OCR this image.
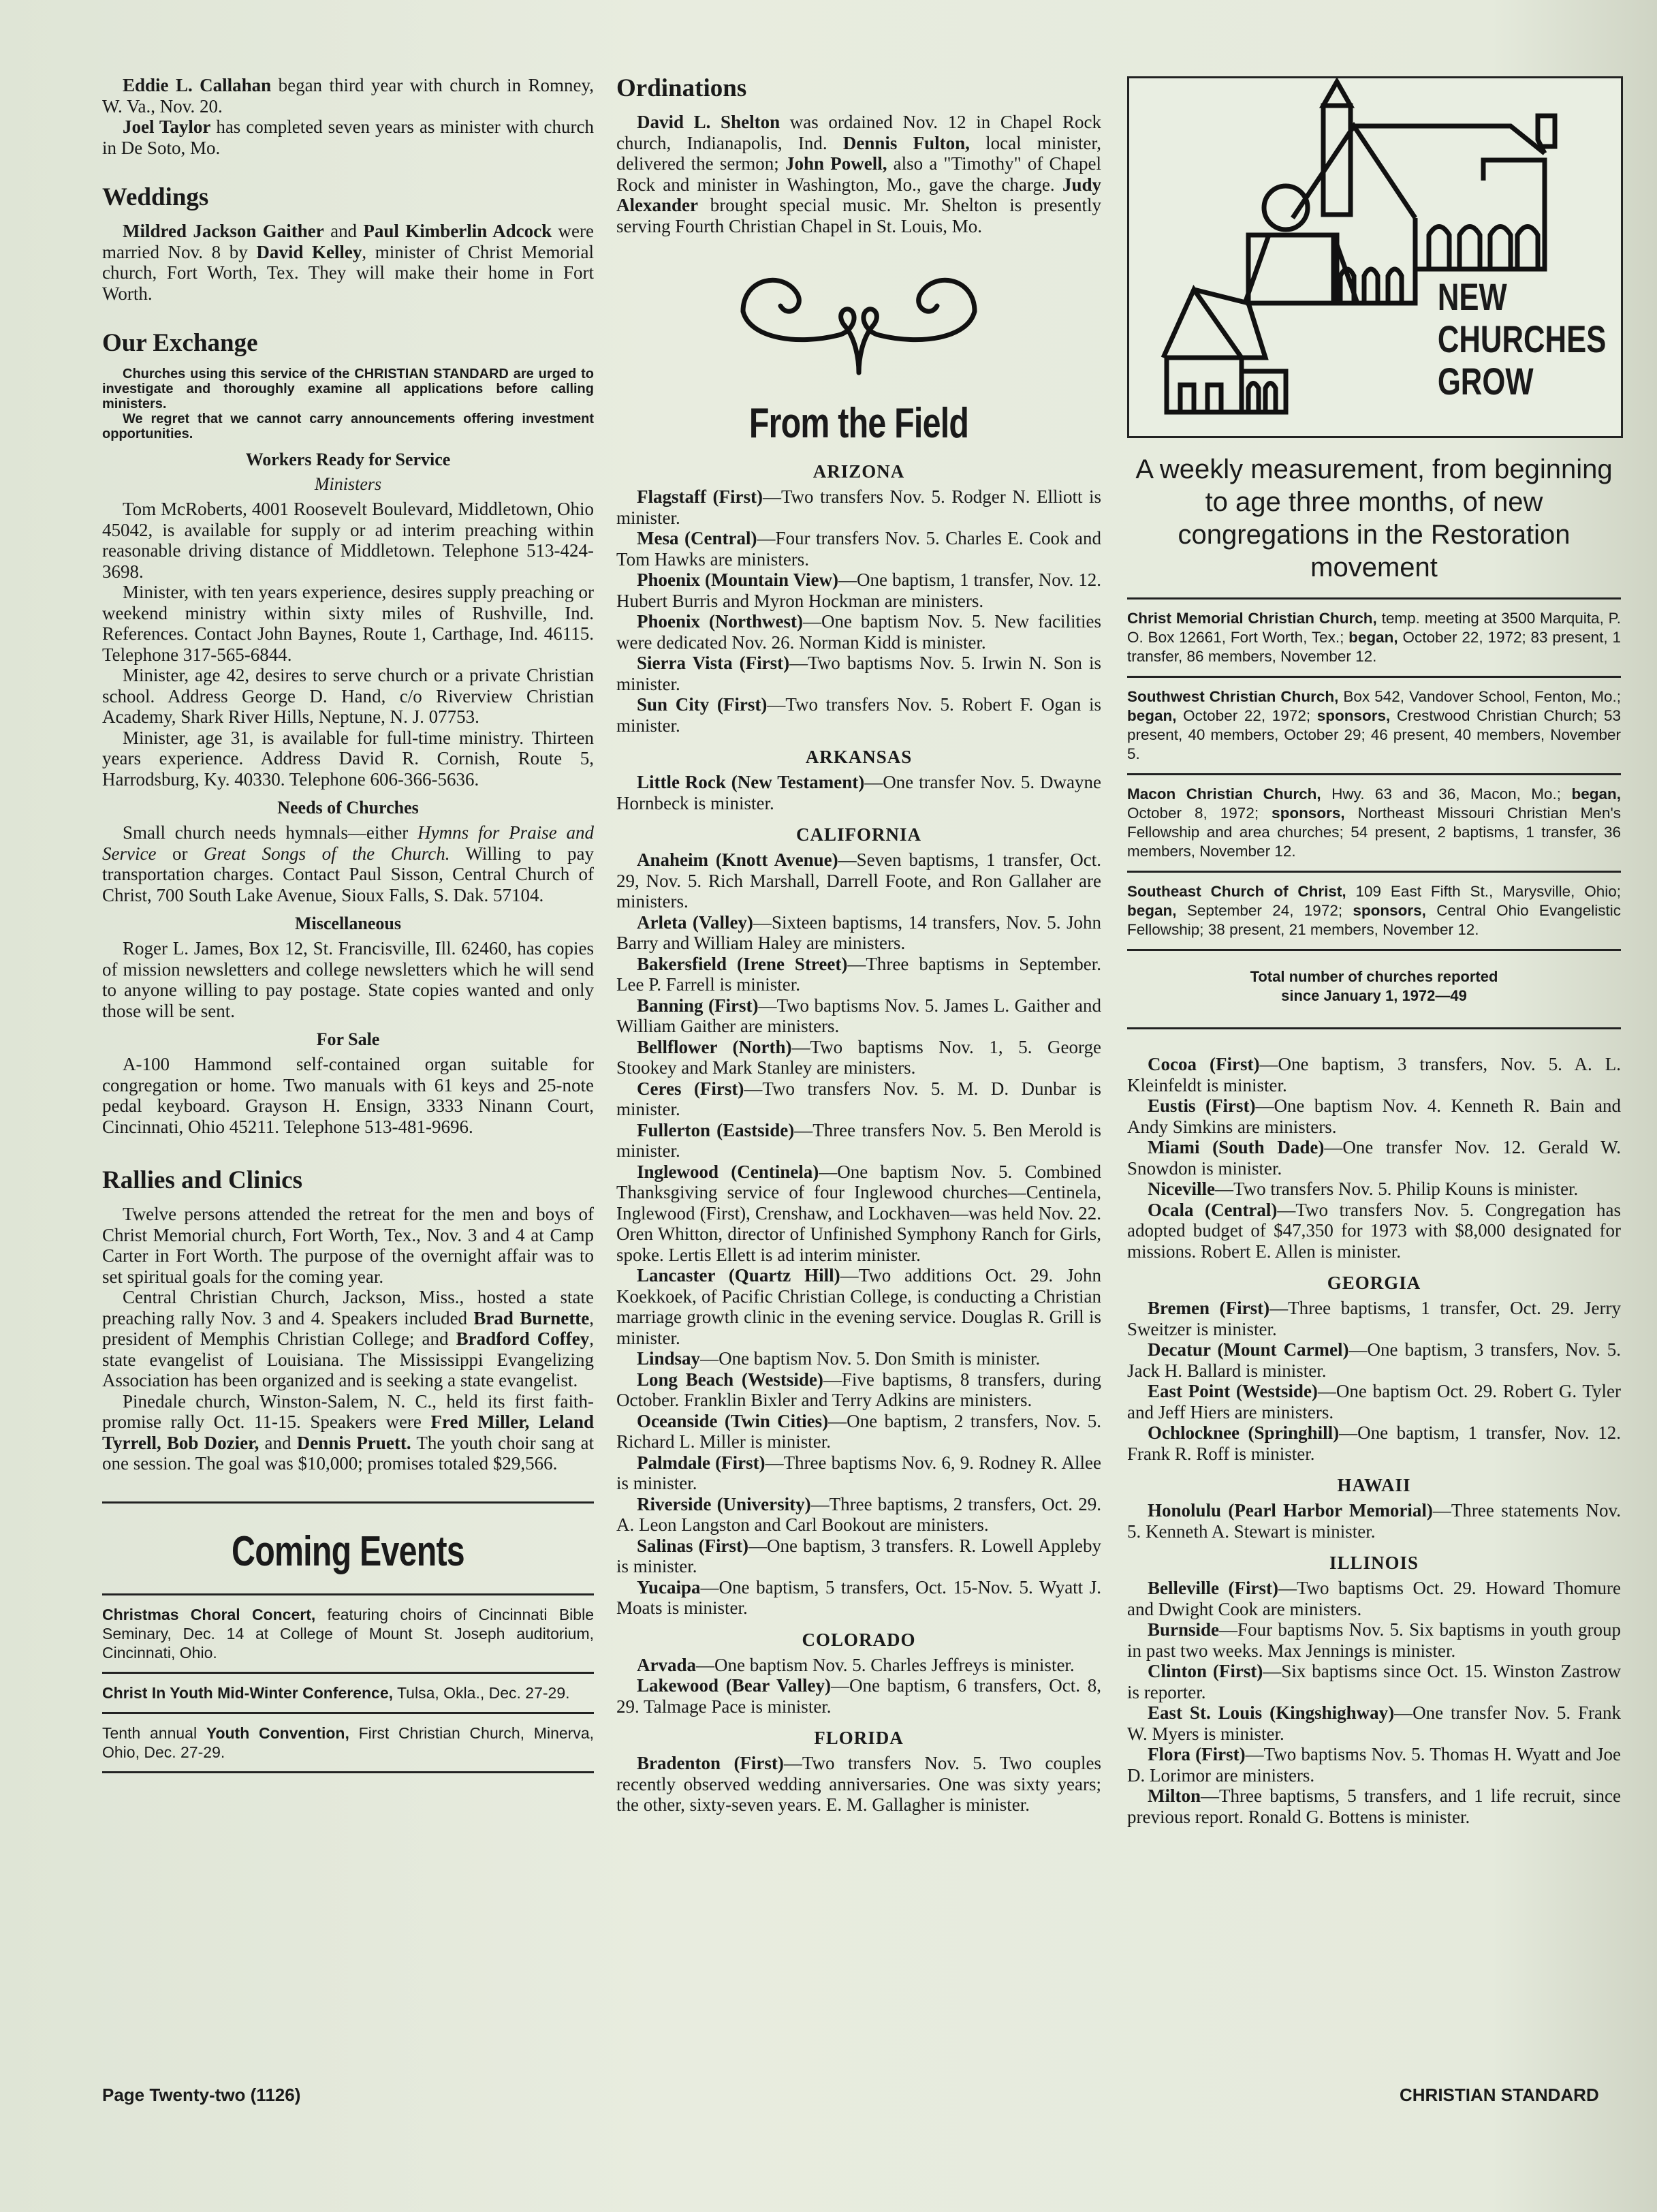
Eddie L. Callahan began third year with church in Romney, W. Va., Nov. 20.

Joel Taylor has completed seven years as minister with church in De Soto, Mo.

Weddings

Mildred Jackson Gaither and Paul Kimberlin Adcock were married Nov. 8 by David Kelley, minister of Christ Memorial church, Fort Worth, Tex. They will make their home in Fort Worth.

Our Exchange

Churches using this service of the CHRISTIAN STANDARD are urged to investigate and thoroughly examine all applications before calling ministers.

We regret that we cannot carry announcements offering investment opportunities.

Workers Ready for Service
Ministers

Tom McRoberts, 4001 Roosevelt Boulevard, Middletown, Ohio 45042, is available for supply or ad interim preaching within reasonable driving distance of Middletown. Telephone 513-424-3698.

Minister, with ten years experience, desires supply preaching or weekend ministry within sixty miles of Rushville, Ind. References. Contact John Baynes, Route 1, Carthage, Ind. 46115. Telephone 317-565-6844.

Minister, age 42, desires to serve church or a private Christian school. Address George D. Hand, c/o Riverview Christian Academy, Shark River Hills, Neptune, N. J. 07753.

Minister, age 31, is available for full-time ministry. Thirteen years experience. Address David R. Cornish, Route 5, Harrodsburg, Ky. 40330. Telephone 606-366-5636.

Needs of Churches

Small church needs hymnals—either Hymns for Praise and Service or Great Songs of the Church. Willing to pay transportation charges. Contact Paul Sisson, Central Church of Christ, 700 South Lake Avenue, Sioux Falls, S. Dak. 57104.

Miscellaneous

Roger L. James, Box 12, St. Francisville, Ill. 62460, has copies of mission newsletters and college newsletters which he will send to anyone willing to pay postage. State copies wanted and only those will be sent.

For Sale

A-100 Hammond self-contained organ suitable for congregation or home. Two manuals with 61 keys and 25-note pedal keyboard. Grayson H. Ensign, 3333 Ninann Court, Cincinnati, Ohio 45211. Telephone 513-481-9696.

Rallies and Clinics

Twelve persons attended the retreat for the men and boys of Christ Memorial church, Fort Worth, Tex., Nov. 3 and 4 at Camp Carter in Fort Worth. The purpose of the overnight affair was to set spiritual goals for the coming year.

Central Christian Church, Jackson, Miss., hosted a state preaching rally Nov. 3 and 4. Speakers included Brad Burnette, president of Memphis Christian College; and Bradford Coffey, state evangelist of Louisiana. The Mississippi Evangelizing Association has been organized and is seeking a state evangelist.

Pinedale church, Winston-Salem, N. C., held its first faith-promise rally Oct. 11-15. Speakers were Fred Miller, Leland Tyrrell, Bob Dozier, and Dennis Pruett. The youth choir sang at one session. The goal was $10,000; promises totaled $29,566.

Coming Events

Christmas Choral Concert, featuring choirs of Cincinnati Bible Seminary, Dec. 14 at College of Mount St. Joseph auditorium, Cincinnati, Ohio.

Christ In Youth Mid-Winter Conference, Tulsa, Okla., Dec. 27-29.

Tenth annual Youth Convention, First Christian Church, Minerva, Ohio, Dec. 27-29.

Ordinations

David L. Shelton was ordained Nov. 12 in Chapel Rock church, Indianapolis, Ind. Dennis Fulton, local minister, delivered the sermon; John Powell, also a "Timothy" of Chapel Rock and minister in Washington, Mo., gave the charge. Judy Alexander brought special music. Mr. Shelton is presently serving Fourth Christian Chapel in St. Louis, Mo.

From the Field
ARIZONA

Flagstaff (First)—Two transfers Nov. 5. Rodger N. Elliott is minister.

Mesa (Central)—Four transfers Nov. 5. Charles E. Cook and Tom Hawks are ministers.

Phoenix (Mountain View)—One baptism, 1 transfer, Nov. 12. Hubert Burris and Myron Hockman are ministers.

Phoenix (Northwest)—One baptism Nov. 5. New facilities were dedicated Nov. 26. Norman Kidd is minister.

Sierra Vista (First)—Two baptisms Nov. 5. Irwin N. Son is minister.

Sun City (First)—Two transfers Nov. 5. Robert F. Ogan is minister.

ARKANSAS

Little Rock (New Testament)—One transfer Nov. 5. Dwayne Hornbeck is minister.

CALIFORNIA

Anaheim (Knott Avenue)—Seven baptisms, 1 transfer, Oct. 29, Nov. 5. Rich Marshall, Darrell Foote, and Ron Gallaher are ministers.

Arleta (Valley)—Sixteen baptisms, 14 transfers, Nov. 5. John Barry and William Haley are ministers.

Bakersfield (Irene Street)—Three baptisms in September. Lee P. Farrell is minister.

Banning (First)—Two baptisms Nov. 5. James L. Gaither and William Gaither are ministers.

Bellflower (North)—Two baptisms Nov. 1, 5. George Stookey and Mark Stanley are ministers.

Ceres (First)—Two transfers Nov. 5. M. D. Dunbar is minister.

Fullerton (Eastside)—Three transfers Nov. 5. Ben Merold is minister.

Inglewood (Centinela)—One baptism Nov. 5. Combined Thanksgiving service of four Inglewood churches—Centinela, Inglewood (First), Crenshaw, and Lockhaven—was held Nov. 22. Oren Whitton, director of Unfinished Symphony Ranch for Girls, spoke. Lertis Ellett is ad interim minister.

Lancaster (Quartz Hill)—Two additions Oct. 29. John Koekkoek, of Pacific Christian College, is conducting a Christian marriage growth clinic in the evening service. Douglas R. Grill is minister.

Lindsay—One baptism Nov. 5. Don Smith is minister.

Long Beach (Westside)—Five baptisms, 8 transfers, during October. Franklin Bixler and Terry Adkins are ministers.

Oceanside (Twin Cities)—One baptism, 2 transfers, Nov. 5. Richard L. Miller is minister.

Palmdale (First)—Three baptisms Nov. 6, 9. Rodney R. Allee is minister.

Riverside (University)—Three baptisms, 2 transfers, Oct. 29. A. Leon Langston and Carl Bookout are ministers.

Salinas (First)—One baptism, 3 transfers. R. Lowell Appleby is minister.

Yucaipa—One baptism, 5 transfers, Oct. 15-Nov. 5. Wyatt J. Moats is minister.

COLORADO

Arvada—One baptism Nov. 5. Charles Jeffreys is minister.

Lakewood (Bear Valley)—One baptism, 6 transfers, Oct. 8, 29. Talmage Pace is minister.

FLORIDA

Bradenton (First)—Two transfers Nov. 5. Two couples recently observed wedding anniversaries. One was sixty years; the other, sixty-seven years. E. M. Gallagher is minister.

NEW
CHURCHES
GROW
A weekly measurement, from beginning to age three months, of new congregations in the Restoration movement

Christ Memorial Christian Church, temp. meeting at 3500 Marquita, P. O. Box 12661, Fort Worth, Tex.; began, October 22, 1972; 83 present, 1 transfer, 86 members, November 12.

Southwest Christian Church, Box 542, Vandover School, Fenton, Mo.; began, October 22, 1972; sponsors, Crestwood Christian Church; 53 present, 40 members, October 29; 46 present, 40 members, November 5.

Macon Christian Church, Hwy. 63 and 36, Macon, Mo.; began, October 8, 1972; sponsors, Northeast Missouri Christian Men's Fellowship and area churches; 54 present, 2 baptisms, 1 transfer, 36 members, November 12.

Southeast Church of Christ, 109 East Fifth St., Marysville, Ohio; began, September 24, 1972; sponsors, Central Ohio Evangelistic Fellowship; 38 present, 21 members, November 12.

Total number of churches reported
since January 1, 1972—49

Cocoa (First)—One baptism, 3 transfers, Nov. 5. A. L. Kleinfeldt is minister.

Eustis (First)—One baptism Nov. 4. Kenneth R. Bain and Andy Simkins are ministers.

Miami (South Dade)—One transfer Nov. 12. Gerald W. Snowdon is minister.

Niceville—Two transfers Nov. 5. Philip Kouns is minister.

Ocala (Central)—Two transfers Nov. 5. Congregation has adopted budget of $47,350 for 1973 with $8,000 designated for missions. Robert E. Allen is minister.

GEORGIA

Bremen (First)—Three baptisms, 1 transfer, Oct. 29. Jerry Sweitzer is minister.

Decatur (Mount Carmel)—One baptism, 3 transfers, Nov. 5. Jack H. Ballard is minister.

East Point (Westside)—One baptism Oct. 29. Robert G. Tyler and Jeff Hiers are ministers.

Ochlocknee (Springhill)—One baptism, 1 transfer, Nov. 12. Frank R. Roff is minister.

HAWAII

Honolulu (Pearl Harbor Memorial)—Three statements Nov. 5. Kenneth A. Stewart is minister.

ILLINOIS

Belleville (First)—Two baptisms Oct. 29. Howard Thomure and Dwight Cook are ministers.

Burnside—Four baptisms Nov. 5. Six baptisms in youth group in past two weeks. Max Jennings is minister.

Clinton (First)—Six baptisms since Oct. 15. Winston Zastrow is reporter.

East St. Louis (Kingshighway)—One transfer Nov. 5. Frank W. Myers is minister.

Flora (First)—Two baptisms Nov. 5. Thomas H. Wyatt and Joe D. Lorimor are ministers.

Milton—Three baptisms, 5 transfers, and 1 life recruit, since previous report. Ronald G. Bottens is minister.

Page Twenty-two (1126)	CHRISTIAN STANDARD
